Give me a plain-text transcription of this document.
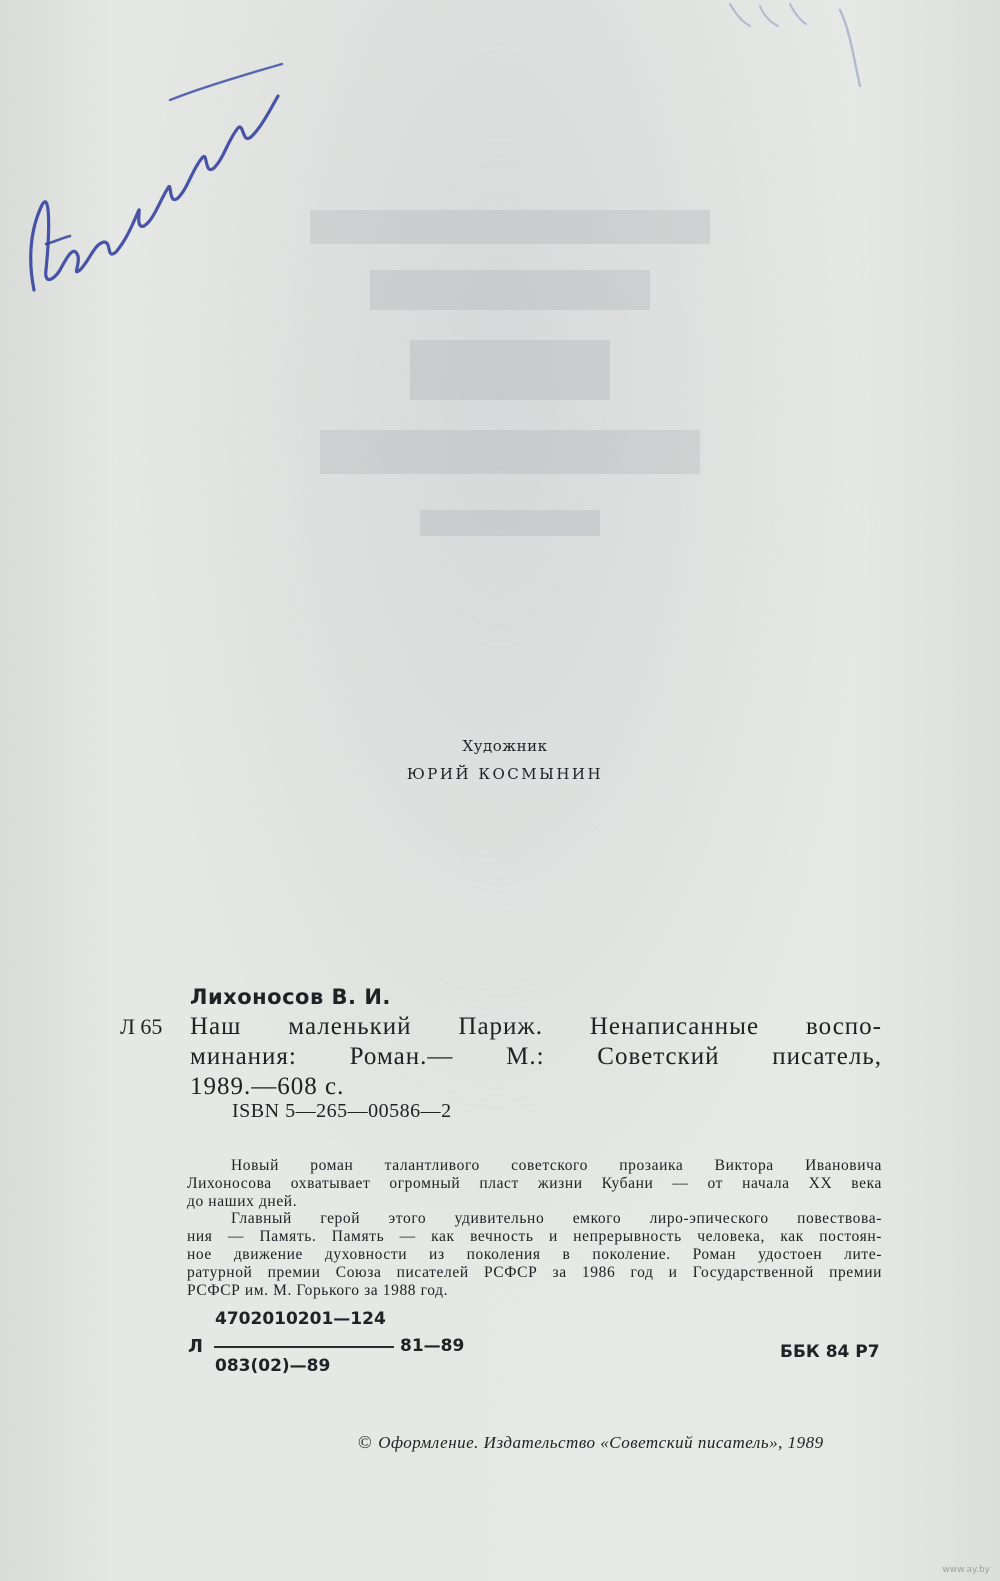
Художник
ЮРИЙ КОСМЫНИН
Лихоносов В. И.
Л 65 Наш маленький Париж. Ненаписанные воспо-
минания: Роман.— М.: Советский писатель,
1989.—608 с.
ISBN 5—265—00586—2
Новый роман талантливого советского прозаика Виктора Ивановича
Лихоносова охватывает огромный пласт жизни Кубани — от начала ХХ века
до наших дней.
Главный герой этого удивительно емкого лиро-эпического повествова-
ния — Память. Память — как вечность и непрерывность человека, как постоян-
ное движение духовности из поколения в поколение. Роман удостоен лите-
ратурной премии Союза писателей РСФСР за 1986 год и Государственной премии
РСФСР им. М. Горького за 1988 год.
4702010201—124
Л	81—89
083(02)—89
ББК 84 Р7
© Оформление. Издательство «Советский писатель», 1989
www.ay.by
